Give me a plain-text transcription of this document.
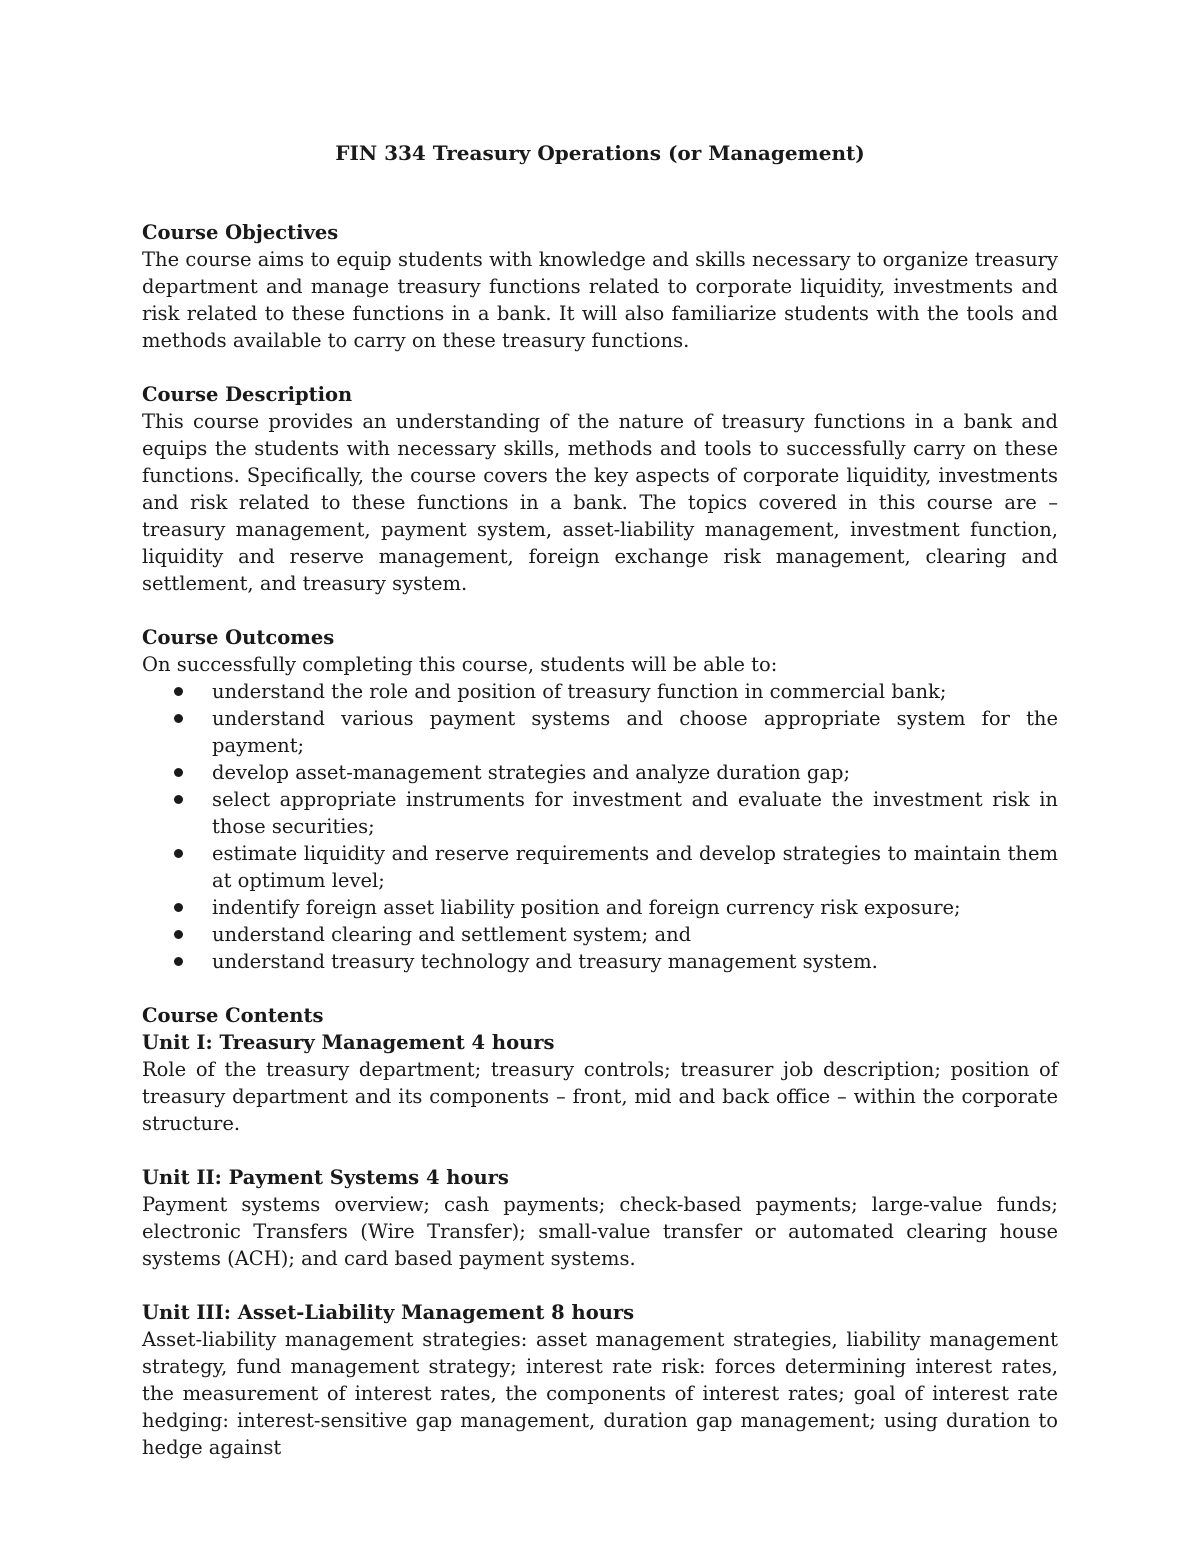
FIN 334 Treasury Operations (or Management)

Course Objectives

The course aims to equip students with knowledge and skills necessary to organize treasury department and manage treasury functions related to corporate liquidity, investments and risk related to these functions in a bank. It will also familiarize students with the tools and methods available to carry on these treasury functions.

Course Description

This course provides an understanding of the nature of treasury functions in a bank and equips the students with necessary skills, methods and tools to successfully carry on these functions. Specifically, the course covers the key aspects of corporate liquidity, investments and risk related to these functions in a bank. The topics covered in this course are – treasury management, payment system, asset-liability management, investment function, liquidity and reserve management, foreign exchange risk management, clearing and settlement, and treasury system.

Course Outcomes

On successfully completing this course, students will be able to:

understand the role and position of treasury function in commercial bank;
understand various payment systems and choose appropriate system for the payment;
develop asset-management strategies and analyze duration gap;
select appropriate instruments for investment and evaluate the investment risk in those securities;
estimate liquidity and reserve requirements and develop strategies to maintain them at optimum level;
indentify foreign asset liability position and foreign currency risk exposure;
understand clearing and settlement system; and
understand treasury technology and treasury management system.

Course Contents

Unit I: Treasury Management 4 hours

Role of the treasury department; treasury controls; treasurer job description; position of treasury department and its components – front, mid and back office – within the corporate structure.

Unit II: Payment Systems 4 hours

Payment systems overview; cash payments; check-based payments; large-value funds; electronic Transfers (Wire Transfer); small-value transfer or automated clearing house systems (ACH); and card based payment systems.

Unit III: Asset-Liability Management 8 hours

Asset-liability management strategies: asset management strategies, liability management strategy, fund management strategy; interest rate risk: forces determining interest rates, the measurement of interest rates, the components of interest rates; goal of interest rate hedging: interest-sensitive gap management, duration gap management; using duration to hedge against
